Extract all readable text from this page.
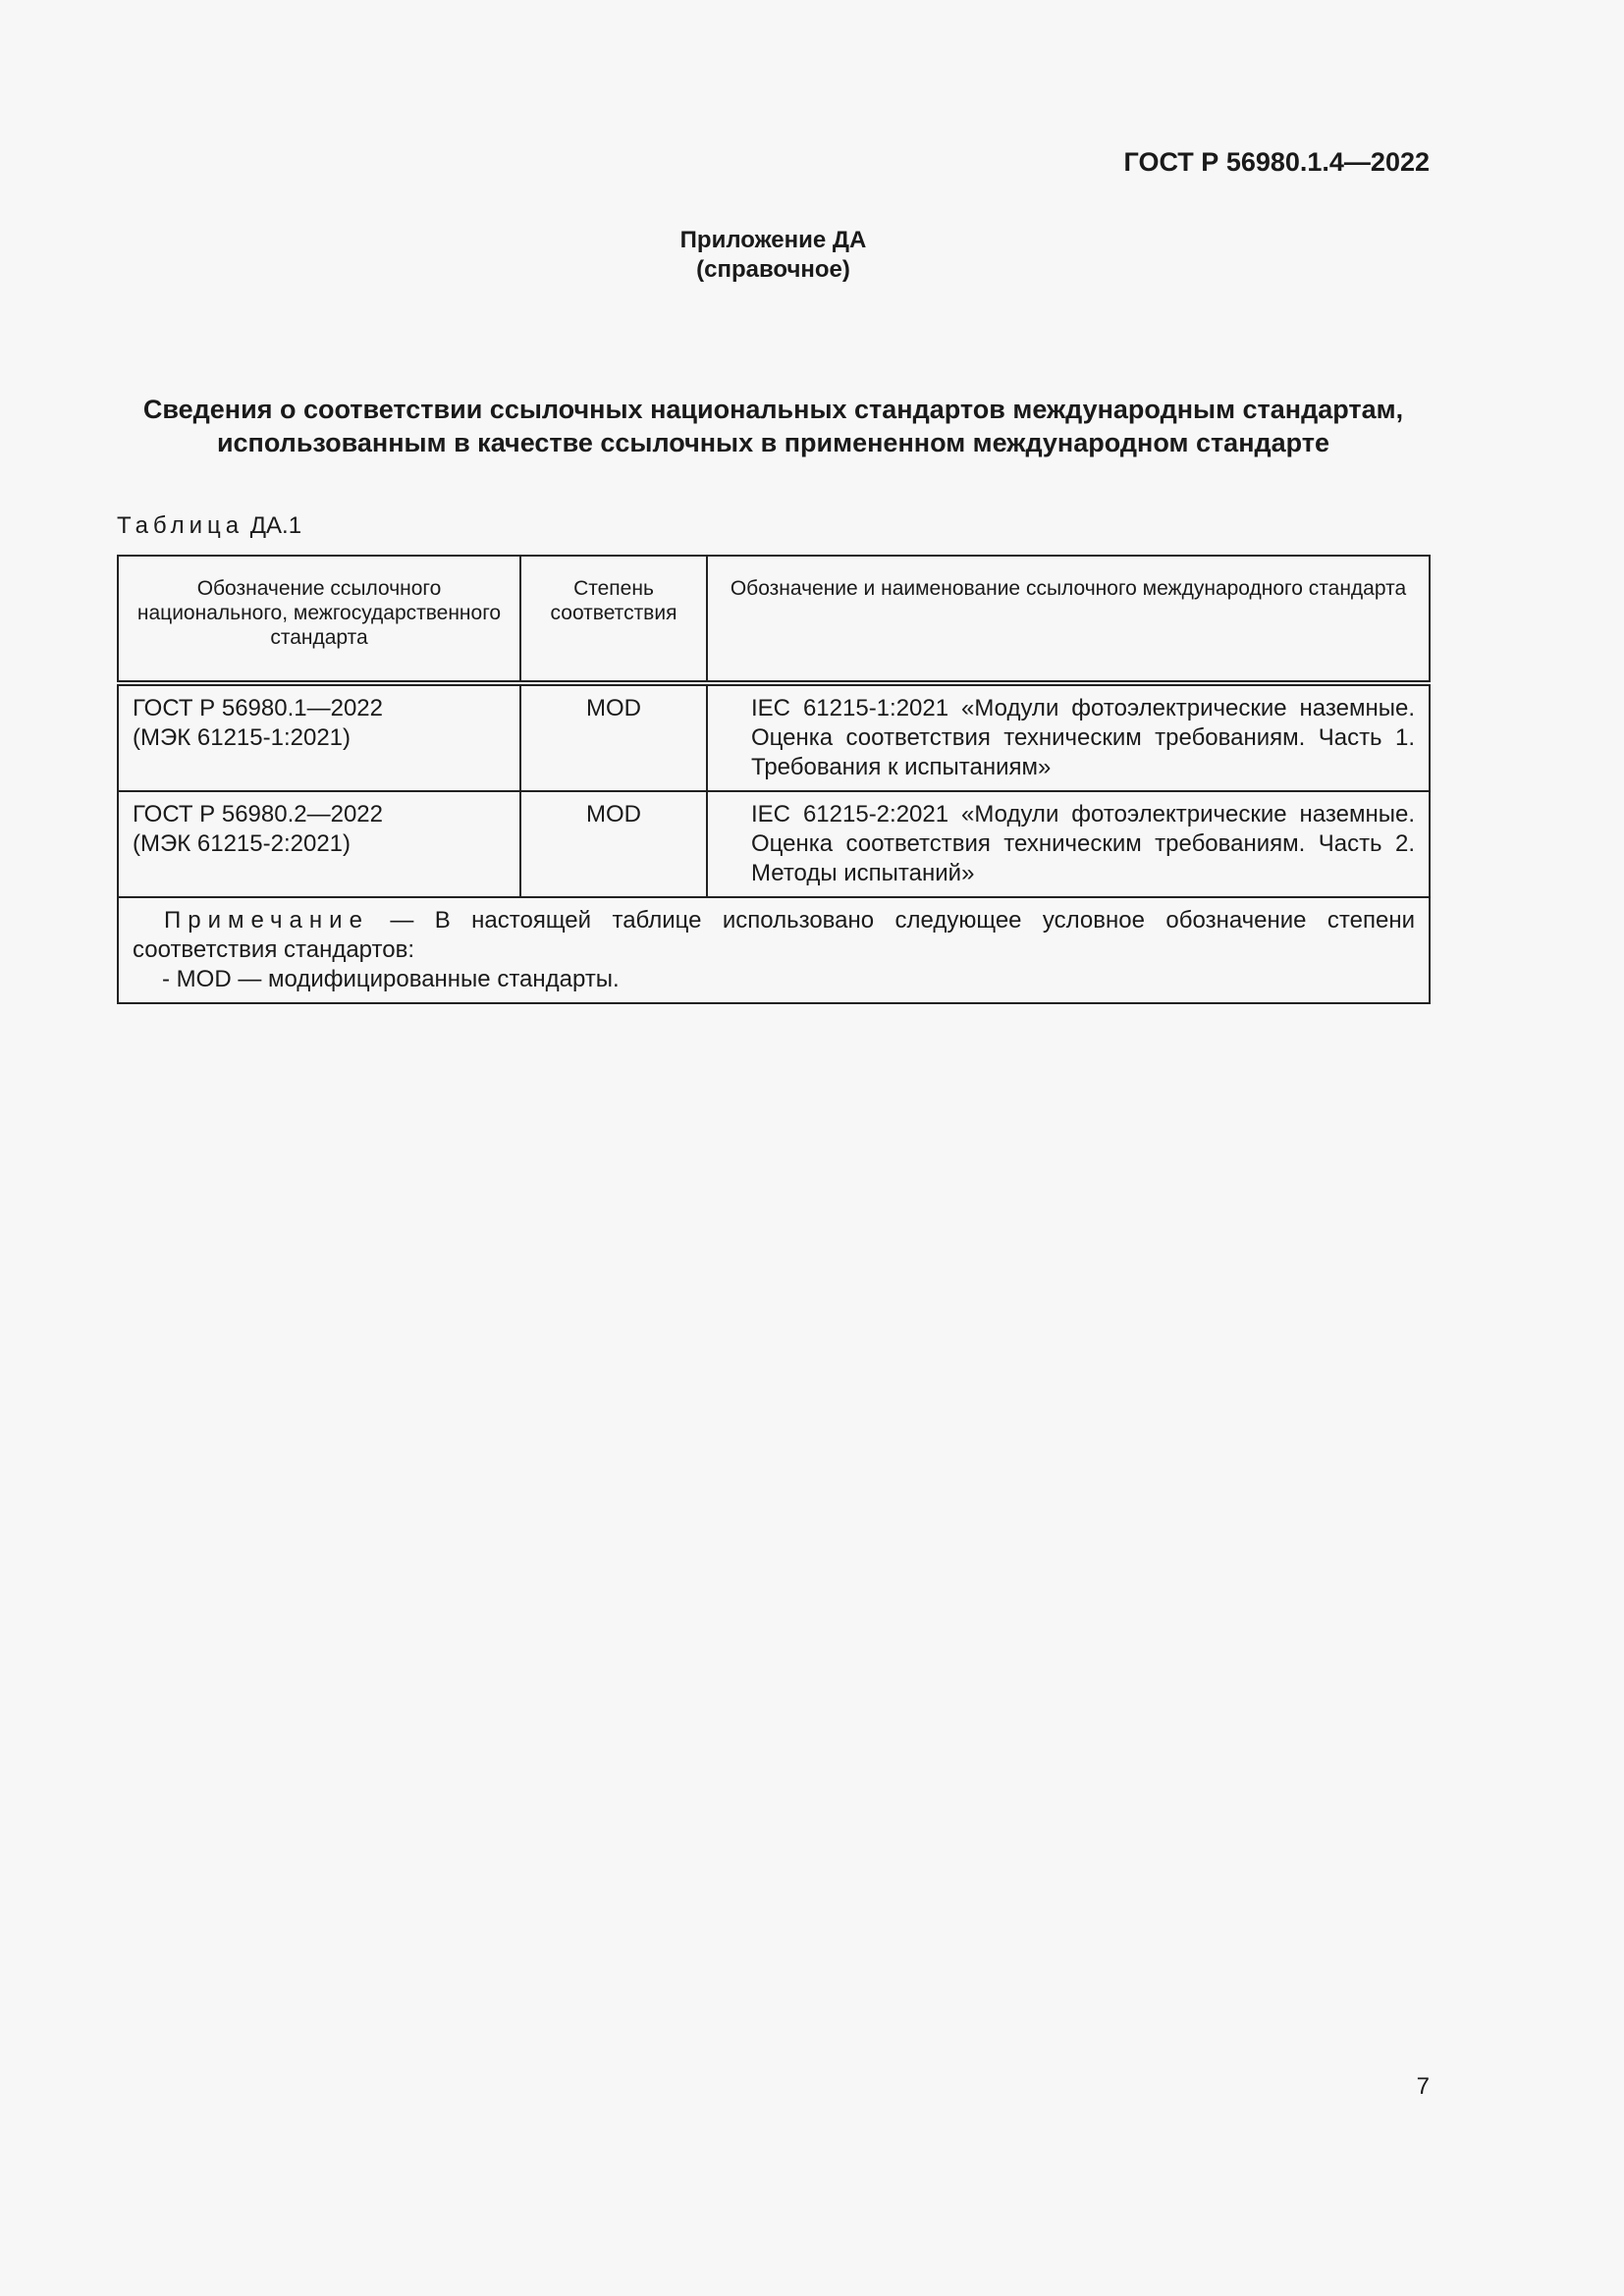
ГОСТ Р 56980.1.4—2022

Приложение ДА
(справочное)
Сведения о соответствии ссылочных национальных стандартов международным стандартам,
использованным в качестве ссылочных в примененном международном стандарте

Таблица ДА.1

Обозначение ссылочного национального, межгосударственного стандарта	Степень соответствия	Обозначение и наименование ссылочного международного стандарта

ГОСТ Р 56980.1—2022
(МЭК 61215-1:2021)	MOD	IEC 61215-1:2021 «Модули фотоэлектрические наземные. Оценка соответствия техническим требованиям. Часть 1. Требования к испытаниям»

ГОСТ Р 56980.2—2022
(МЭК 61215-2:2021)	MOD	IEC 61215-2:2021 «Модули фотоэлектрические наземные. Оценка соответствия техническим требованиям. Часть 2. Методы испытаний»

Примечание — В настоящей таблице использовано следующее условное обозначение степени соответствия стандартов:

- MOD — модифицированные стандарты.		

7
